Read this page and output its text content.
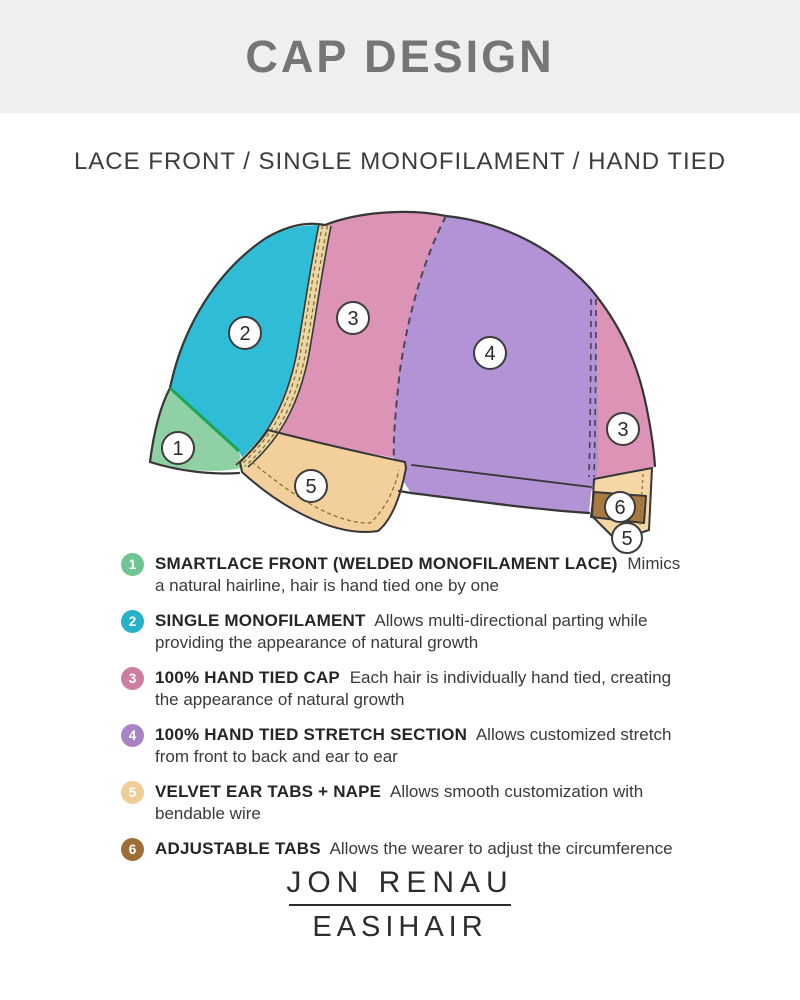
CAP DESIGN
LACE FRONT / SINGLE MONOFILAMENT / HAND TIED
1
2
3
4
3
5
6
5
1	SMARTLACE FRONT (WELDED MONOFILAMENT LACE) Mimics a natural hairline, hair is hand tied one by one
2	SINGLE MONOFILAMENT Allows multi-directional parting while providing the appearance of natural growth
3	100% HAND TIED CAP Each hair is individually hand tied, creating the appearance of natural growth
4	100% HAND TIED STRETCH SECTION Allows customized stretch from front to back and ear to ear
5	VELVET EAR TABS + NAPE Allows smooth customization with bendable wire
6	ADJUSTABLE TABS Allows the wearer to adjust the circumference
JON RENAU
EASIHAIR
